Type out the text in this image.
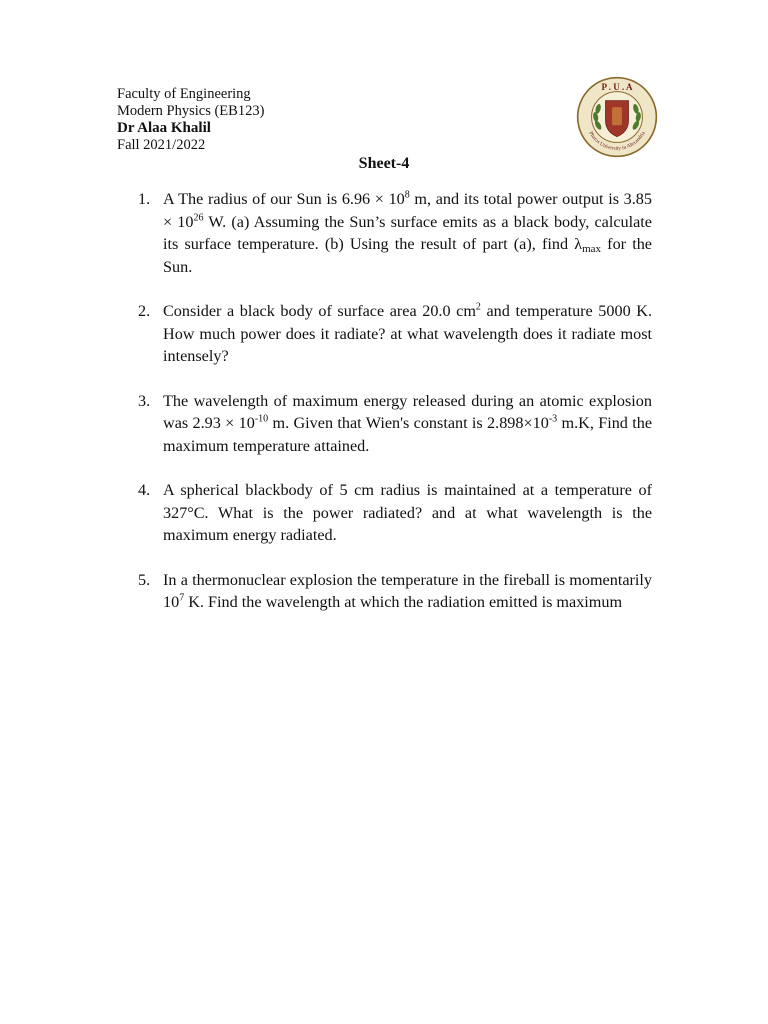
Faculty of Engineering
Modern Physics (EB123)
Dr Alaa Khalil
Fall 2021/2022
P . U . A
Pharos University in Alexandria
Sheet-4
1. A The radius of our Sun is $6.96 \times 10^8$ m, and its total power output is $3.85 \times 10^{26}$ W. (a) Assuming the Sun’s surface emits as a black body, calculate its surface temperature. (b) Using the result of part (a), find $\lambda_{max}$ for the Sun.
2. Consider a black body of surface area 20.0 $cm^2$ and temperature 5000 K. How much power does it radiate? at what wavelength does it radiate most intensely?
3. The wavelength of maximum energy released during an atomic explosion was $2.93 \times 10^{-10}$ m. Given that Wien's constant is $2.898\times 10^{-3}$ m.K, Find the maximum temperature attained.
4. A spherical blackbody of 5 cm radius is maintained at a temperature of 327°C. What is the power radiated? and at what wavelength is the maximum energy radiated.
5. In a thermonuclear explosion the temperature in the fireball is momentarily $10^7$ K. Find the wavelength at which the radiation emitted is maximum
